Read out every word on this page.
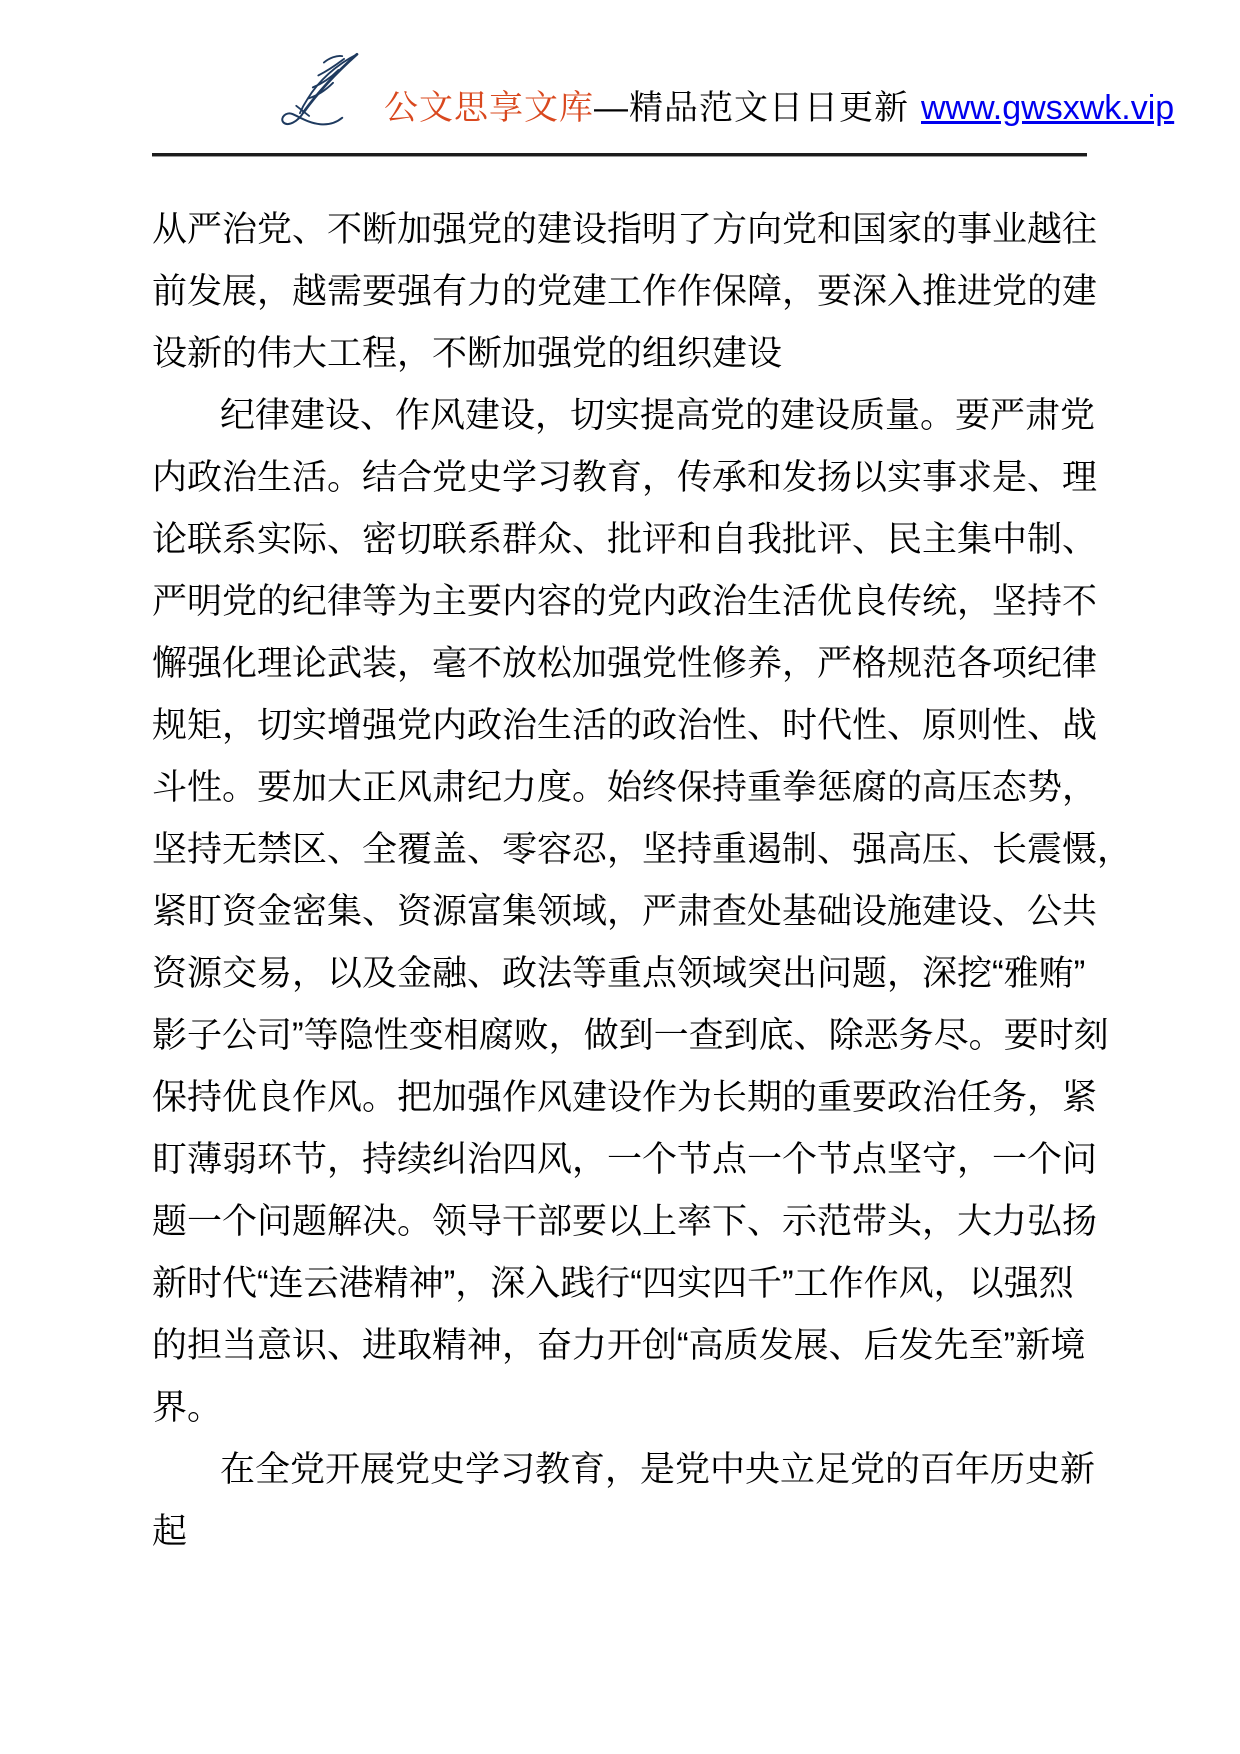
公文思享文库—精品范文日日更新 www.gwsxwk.vip
从严治党、不断加强党的建设指明了方向党和国家的事业越往
前发展，越需要强有力的党建工作作保障，要深入推进党的建
设新的伟大工程，不断加强党的组织建设
纪律建设、作风建设，切实提高党的建设质量。要严肃党
内政治生活。结合党史学习教育，传承和发扬以实事求是、理
论联系实际、密切联系群众、批评和自我批评、民主集中制、
严明党的纪律等为主要内容的党内政治生活优良传统，坚持不
懈强化理论武装，毫不放松加强党性修养，严格规范各项纪律
规矩，切实增强党内政治生活的政治性、时代性、原则性、战
斗性。要加大正风肃纪力度。始终保持重拳惩腐的高压态势，
坚持无禁区、全覆盖、零容忍，坚持重遏制、强高压、长震慑，
紧盯资金密集、资源富集领域，严肃查处基础设施建设、公共
资源交易，以及金融、政法等重点领域突出问题，深挖“雅贿”
影子公司”等隐性变相腐败，做到一查到底、除恶务尽。要时刻
保持优良作风。把加强作风建设作为长期的重要政治任务，紧
盯薄弱环节，持续纠治四风，一个节点一个节点坚守，一个问
题一个问题解决。领导干部要以上率下、示范带头，大力弘扬
新时代“连云港精神”，深入践行“四实四千”工作作风，以强烈
的担当意识、进取精神，奋力开创“高质发展、后发先至”新境
界。
在全党开展党史学习教育，是党中央立足党的百年历史新
起
